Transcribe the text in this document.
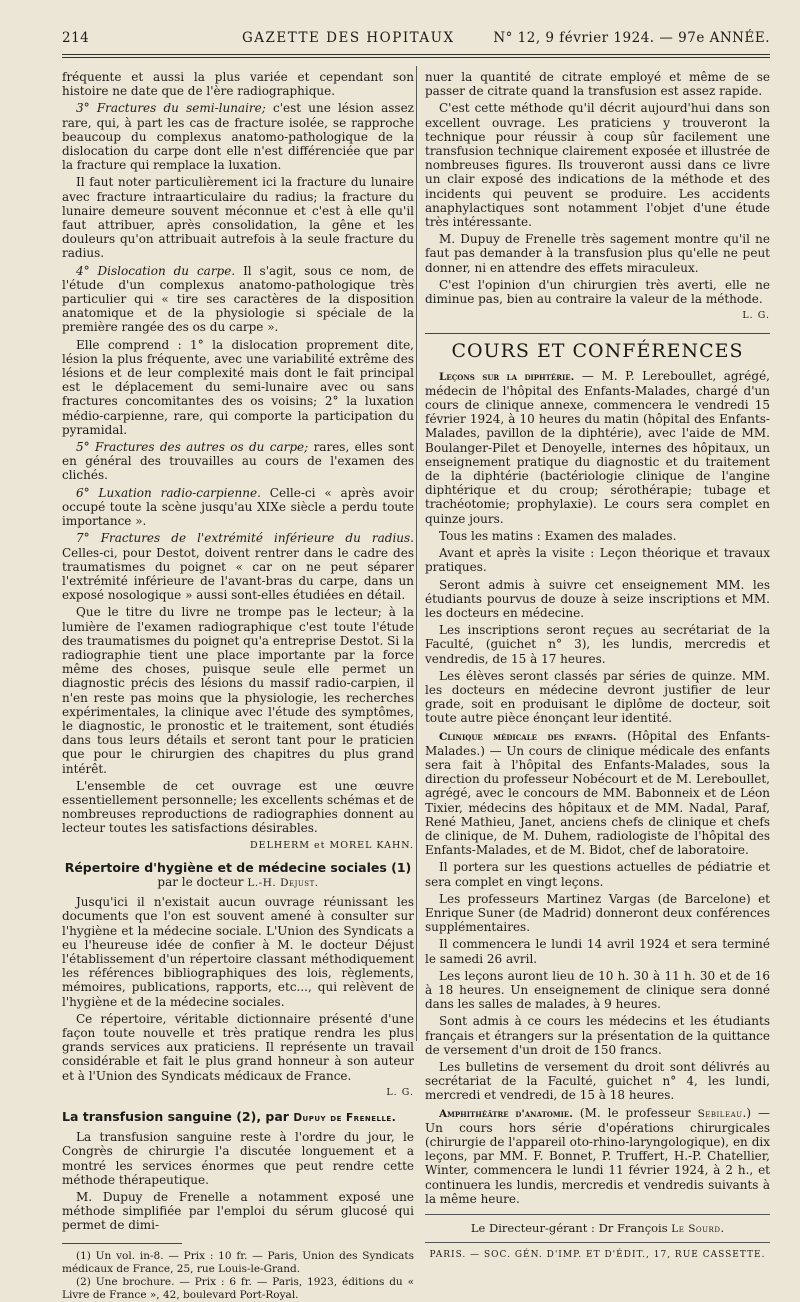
214	GAZETTE DES HOPITAUX	N° 12, 9 février 1924. — 97e ANNÉE.

fréquente et aussi la plus variée et cependant son histoire ne date que de l'ère radiographique.

3° Fractures du semi-lunaire; c'est une lésion assez rare, qui, à part les cas de fracture isolée, se rapproche beaucoup du complexus anatomo-pathologique de la dislocation du carpe dont elle n'est différenciée que par la fracture qui remplace la luxation.

Il faut noter particulièrement ici la fracture du lunaire avec fracture intraarticulaire du radius; la fracture du lunaire demeure souvent méconnue et c'est à elle qu'il faut attribuer, après consolidation, la gêne et les douleurs qu'on attribuait autrefois à la seule fracture du radius.

4° Dislocation du carpe. Il s'agit, sous ce nom, de l'étude d'un complexus anatomo-pathologique très particulier qui « tire ses caractères de la disposition anatomique et de la physiologie si spéciale de la première rangée des os du carpe ».

Elle comprend : 1° la dislocation proprement dite, lésion la plus fréquente, avec une variabilité extrême des lésions et de leur complexité mais dont le fait principal est le déplacement du semi-lunaire avec ou sans fractures concomitantes des os voisins; 2° la luxation médio-carpienne, rare, qui comporte la participation du pyramidal.

5° Fractures des autres os du carpe; rares, elles sont en général des trouvailles au cours de l'examen des clichés.

6° Luxation radio-carpienne. Celle-ci « après avoir occupé toute la scène jusqu'au XIXe siècle a perdu toute importance ».

7° Fractures de l'extrémité inférieure du radius. Celles-ci, pour Destot, doivent rentrer dans le cadre des traumatismes du poignet « car on ne peut séparer l'extrémité inférieure de l'avant-bras du carpe, dans un exposé nosologique » aussi sont-elles étudiées en détail.

Que le titre du livre ne trompe pas le lecteur; à la lumière de l'examen radiographique c'est toute l'étude des traumatismes du poignet qu'a entreprise Destot. Si la radiographie tient une place importante par la force même des choses, puisque seule elle permet un diagnostic précis des lésions du massif radio-carpien, il n'en reste pas moins que la physiologie, les recherches expérimentales, la clinique avec l'étude des symptômes, le diagnostic, le pronostic et le traitement, sont étudiés dans tous leurs détails et seront tant pour le praticien que pour le chirurgien des chapitres du plus grand intérêt.

L'ensemble de cet ouvrage est une œuvre essentiellement personnelle; les excellents schémas et de nombreuses reproductions de radiographies donnent au lecteur toutes les satisfactions désirables.

DELHERM et MOREL KAHN.
Répertoire d'hygiène et de médecine sociales (1)
par le docteur L.-H. Dejust.

Jusqu'ici il n'existait aucun ouvrage réunissant les documents que l'on est souvent amené à consulter sur l'hygiène et la médecine sociale. L'Union des Syndicats a eu l'heureuse idée de confier à M. le docteur Déjust l'établissement d'un répertoire classant méthodiquement les références bibliographiques des lois, règlements, mémoires, publications, rapports, etc..., qui relèvent de l'hygiène et de la médecine sociales.

Ce répertoire, véritable dictionnaire présenté d'une façon toute nouvelle et très pratique rendra les plus grands services aux praticiens. Il représente un travail considérable et fait le plus grand honneur à son auteur et à l'Union des Syndicats médicaux de France.

L. G.
La transfusion sanguine (2), par Dupuy de Frenelle.

La transfusion sanguine reste à l'ordre du jour, le Congrès de chirurgie l'a discutée longuement et a montré les services énormes que peut rendre cette méthode thérapeutique.

M. Dupuy de Frenelle a notamment exposé une méthode simplifiée par l'emploi du sérum glucosé qui permet de dimi-

(1) Un vol. in-8. — Prix : 10 fr. — Paris, Union des Syndicats médicaux de France, 25, rue Louis-le-Grand.

(2) Une brochure. — Prix : 6 fr. — Paris, 1923, éditions du « Livre de France », 42, boulevard Port-Royal.

nuer la quantité de citrate employé et même de se passer de citrate quand la transfusion est assez rapide.

C'est cette méthode qu'il décrit aujourd'hui dans son excellent ouvrage. Les praticiens y trouveront la technique pour réussir à coup sûr facilement une transfusion technique clairement exposée et illustrée de nombreuses figures. Ils trouveront aussi dans ce livre un clair exposé des indications de la méthode et des incidents qui peuvent se produire. Les accidents anaphylactiques sont notamment l'objet d'une étude très intéressante.

M. Dupuy de Frenelle très sagement montre qu'il ne faut pas demander à la transfusion plus qu'elle ne peut donner, ni en attendre des effets miraculeux.

C'est l'opinion d'un chirurgien très averti, elle ne diminue pas, bien au contraire la valeur de la méthode.

L. G.
COURS ET CONFÉRENCES

Leçons sur la diphtérie. — M. P. Lereboullet, agrégé, médecin de l'hôpital des Enfants-Malades, chargé d'un cours de clinique annexe, commencera le vendredi 15 février 1924, à 10 heures du matin (hôpital des Enfants-Malades, pavillon de la diphtérie), avec l'aide de MM. Boulanger-Pilet et Denoyelle, internes des hôpitaux, un enseignement pratique du diagnostic et du traitement de la diphtérie (bactériologie clinique de l'angine diphtérique et du croup; sérothérapie; tubage et trachéotomie; prophylaxie). Le cours sera complet en quinze jours.

Tous les matins : Examen des malades.

Avant et après la visite : Leçon théorique et travaux pratiques.

Seront admis à suivre cet enseignement MM. les étudiants pourvus de douze à seize inscriptions et MM. les docteurs en médecine.

Les inscriptions seront reçues au secrétariat de la Faculté, (guichet n° 3), les lundis, mercredis et vendredis, de 15 à 17 heures.

Les élèves seront classés par séries de quinze. MM. les docteurs en médecine devront justifier de leur grade, soit en produisant le diplôme de docteur, soit toute autre pièce énonçant leur identité.

Clinique médicale des enfants. (Hôpital des Enfants-Malades.) — Un cours de clinique médicale des enfants sera fait à l'hôpital des Enfants-Malades, sous la direction du professeur Nobécourt et de M. Lereboullet, agrégé, avec le concours de MM. Babonneix et de Léon Tixier, médecins des hôpitaux et de MM. Nadal, Paraf, René Mathieu, Janet, anciens chefs de clinique et chefs de clinique, de M. Duhem, radiologiste de l'hôpital des Enfants-Malades, et de M. Bidot, chef de laboratoire.

Il portera sur les questions actuelles de pédiatrie et sera complet en vingt leçons.

Les professeurs Martinez Vargas (de Barcelone) et Enrique Suner (de Madrid) donneront deux conférences supplémentaires.

Il commencera le lundi 14 avril 1924 et sera terminé le samedi 26 avril.

Les leçons auront lieu de 10 h. 30 à 11 h. 30 et de 16 à 18 heures. Un enseignement de clinique sera donné dans les salles de malades, à 9 heures.

Sont admis à ce cours les médecins et les étudiants français et étrangers sur la présentation de la quittance de versement d'un droit de 150 francs.

Les bulletins de versement du droit sont délivrés au secrétariat de la Faculté, guichet n° 4, les lundi, mercredi et vendredi, de 15 à 18 heures.

Amphithéâtre d'anatomie. (M. le professeur Sebileau.) — Un cours hors série d'opérations chirurgicales (chirurgie de l'appareil oto-rhino-laryngologique), en dix leçons, par MM. F. Bonnet, P. Truffert, H.-P. Chatellier, Winter, commencera le lundi 11 février 1924, à 2 h., et continuera les lundis, mercredis et vendredis suivants à la même heure.

Le Directeur-gérant : Dr François Le Sourd.
PARIS. — SOC. GÉN. D'IMP. ET D'ÉDIT., 17, RUE CASSETTE.
